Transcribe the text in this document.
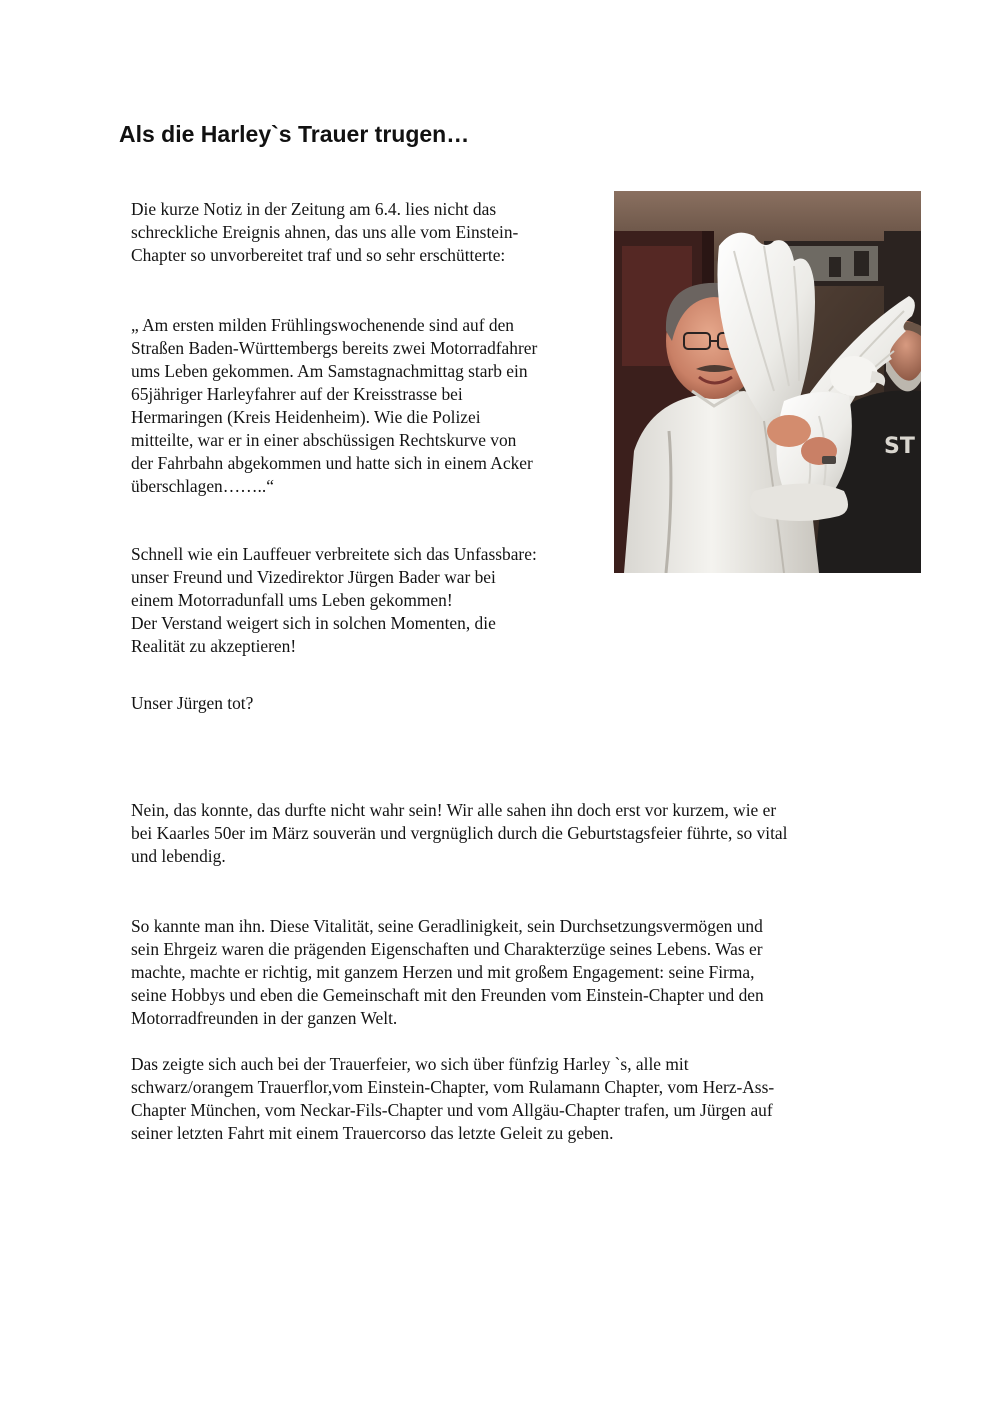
Als die Harley`s Trauer trugen…

Die kurze Notiz in der Zeitung am 6.4. lies nicht das
schreckliche Ereignis ahnen, das uns alle vom Einstein-
Chapter so unvorbereitet traf und so sehr erschütterte:

„ Am ersten milden Frühlingswochenende sind auf den
Straßen Baden-Württembergs bereits zwei Motorradfahrer
ums Leben gekommen. Am Samstagnachmittag starb ein
65jähriger Harleyfahrer auf der Kreisstrasse bei
Hermaringen (Kreis Heidenheim). Wie die Polizei
mitteilte, war er in einer abschüssigen Rechtskurve von
der Fahrbahn abgekommen und hatte sich in einem Acker
überschlagen……..“

Schnell wie ein Lauffeuer verbreitete sich das Unfassbare:
unser Freund und Vizedirektor Jürgen Bader war bei
einem Motorradunfall ums Leben gekommen!
Der Verstand weigert sich in solchen Momenten, die
Realität zu akzeptieren!

Unser Jürgen tot?

Nein, das konnte, das durfte nicht wahr sein! Wir alle sahen ihn doch erst vor kurzem, wie er
bei Kaarles 50er im März souverän und vergnüglich durch die Geburtstagsfeier führte, so vital
und lebendig.

So kannte man ihn. Diese Vitalität, seine Geradlinigkeit, sein Durchsetzungsvermögen und
sein Ehrgeiz waren die prägenden Eigenschaften und Charakterzüge seines Lebens. Was er
machte, machte er richtig, mit ganzem Herzen und mit großem Engagement: seine Firma,
seine Hobbys und eben die Gemeinschaft mit den Freunden vom Einstein-Chapter und den
Motorradfreunden in der ganzen Welt.

Das zeigte sich auch bei der Trauerfeier, wo sich über fünfzig Harley `s, alle mit
schwarz/orangem Trauerflor,vom Einstein-Chapter, vom Rulamann Chapter, vom Herz-Ass-
Chapter München, vom Neckar-Fils-Chapter und vom Allgäu-Chapter trafen, um Jürgen auf
seiner letzten Fahrt mit einem Trauercorso das letzte Geleit zu geben.

ST
